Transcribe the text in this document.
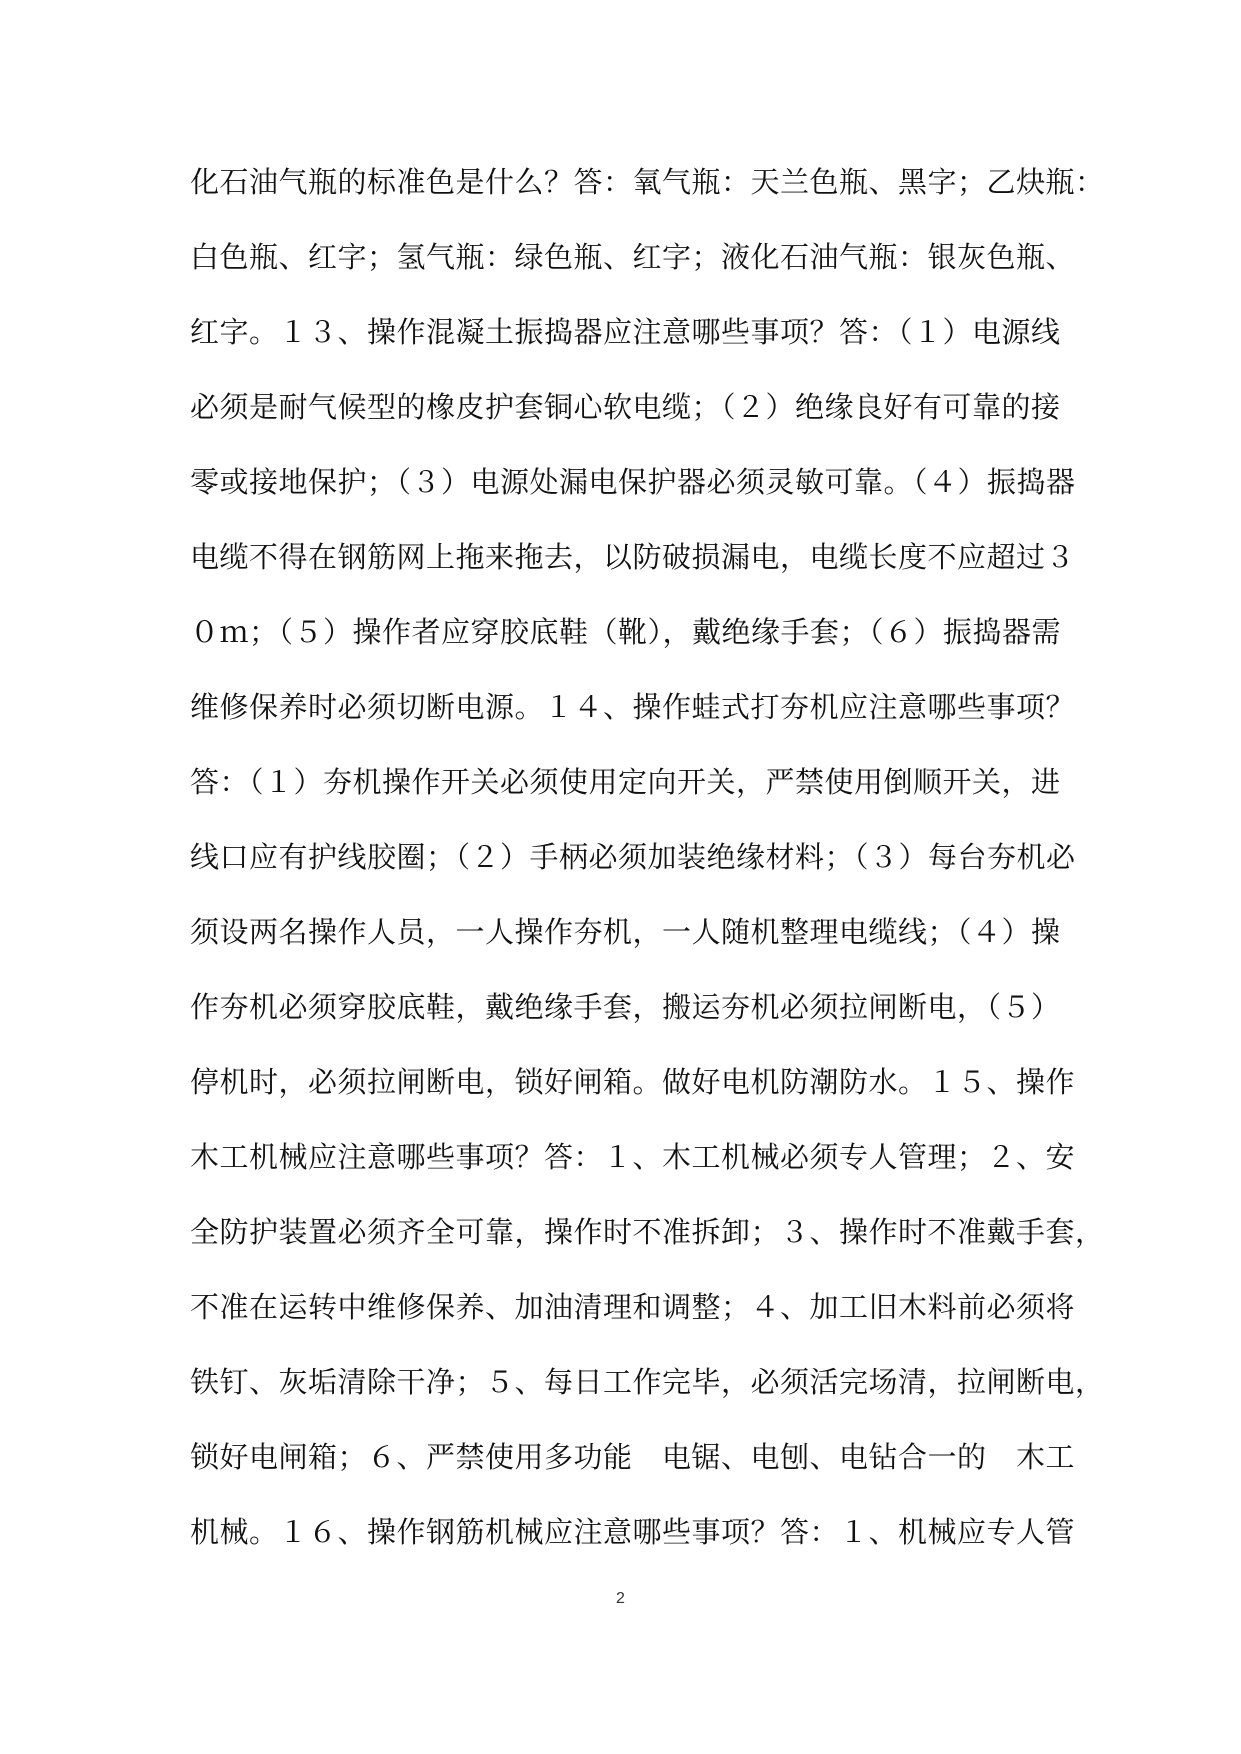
化石油气瓶的标准色是什么？答：氧气瓶：天兰色瓶、黑字；乙炔瓶：
白色瓶、红字；氢气瓶：绿色瓶、红字；液化石油气瓶：银灰色瓶、
红字。１３、操作混凝土振捣器应注意哪些事项？答：（１）电源线
必须是耐气候型的橡皮护套铜心软电缆；（２）绝缘良好有可靠的接
零或接地保护；（３）电源处漏电保护器必须灵敏可靠。（４）振捣器
电缆不得在钢筋网上拖来拖去，以防破损漏电，电缆长度不应超过３
０ｍ；（５）操作者应穿胶底鞋（靴），戴绝缘手套；（６）振捣器需
维修保养时必须切断电源。１４、操作蛙式打夯机应注意哪些事项？
答：（１）夯机操作开关必须使用定向开关，严禁使用倒顺开关，进
线口应有护线胶圈；（２）手柄必须加装绝缘材料；（３）每台夯机必
须设两名操作人员，一人操作夯机，一人随机整理电缆线；（４）操
作夯机必须穿胶底鞋，戴绝缘手套，搬运夯机必须拉闸断电，（５）
停机时，必须拉闸断电，锁好闸箱。做好电机防潮防水。１５、操作
木工机械应注意哪些事项？答：１、木工机械必须专人管理；２、安
全防护装置必须齐全可靠，操作时不准拆卸；３、操作时不准戴手套，
不准在运转中维修保养、加油清理和调整；４、加工旧木料前必须将
铁钉、灰垢清除干净；５、每日工作完毕，必须活完场清，拉闸断电，
锁好电闸箱；６、严禁使用多功能　电锯、电刨、电钻合一的　木工
机械。１６、操作钢筋机械应注意哪些事项？答：１、机械应专人管
2
